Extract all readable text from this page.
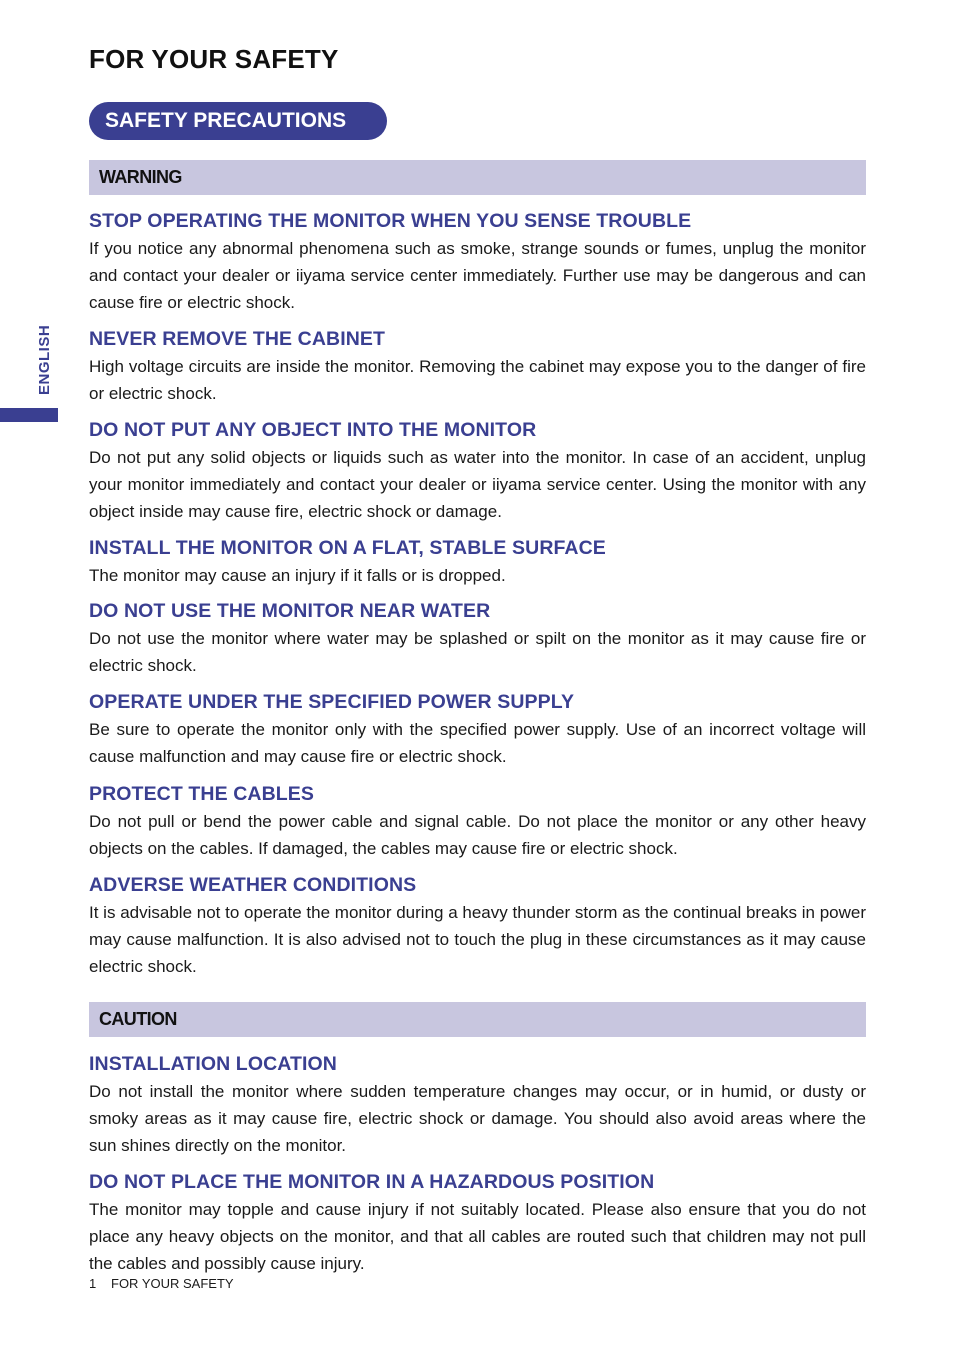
FOR YOUR SAFETY
SAFETY PRECAUTIONS
ENGLISH
WARNING
STOP OPERATING THE MONITOR WHEN YOU SENSE TROUBLE

If you notice any abnormal phenomena such as smoke, strange sounds or fumes, unplug the monitor and contact your dealer or iiyama service center immediately. Further use may be dangerous and can cause fire or electric shock.

NEVER REMOVE THE CABINET

High voltage circuits are inside the monitor. Removing the cabinet may expose you to the danger of fire or electric shock.

DO NOT PUT ANY OBJECT INTO THE MONITOR

Do not put any solid objects or liquids such as water into the monitor. In case of an accident, unplug your monitor immediately and contact your dealer or iiyama service center. Using the monitor with any object inside may cause fire, electric shock or damage.

INSTALL THE MONITOR ON A FLAT, STABLE SURFACE

The monitor may cause an injury if it falls or is dropped.

DO NOT USE THE MONITOR NEAR WATER

Do not use the monitor where water may be splashed or spilt on the monitor as it may cause fire or electric shock.

OPERATE UNDER THE SPECIFIED POWER SUPPLY

Be sure to operate the monitor only with the specified power supply. Use of an incorrect voltage will cause malfunction and may cause fire or electric shock.

PROTECT THE CABLES

Do not pull or bend the power cable and signal cable. Do not place the monitor or any other heavy objects on the cables. If damaged, the cables may cause fire or electric shock.

ADVERSE WEATHER CONDITIONS

It is advisable not to operate the monitor during a heavy thunder storm as the continual breaks in power may cause malfunction. It is also advised not to touch the plug in these circumstances as it may cause electric shock.

CAUTION
INSTALLATION LOCATION

Do not install the monitor where sudden temperature changes may occur, or in humid, or dusty or smoky areas as it may cause fire, electric shock or damage. You should also avoid areas where the sun shines directly on the monitor.

DO NOT PLACE THE MONITOR IN A HAZARDOUS POSITION

The monitor may topple and cause injury if not suitably located. Please also ensure that you do not place any heavy objects on the monitor, and that all cables are routed such that children may not pull the cables and possibly cause injury.

1 FOR YOUR SAFETY
